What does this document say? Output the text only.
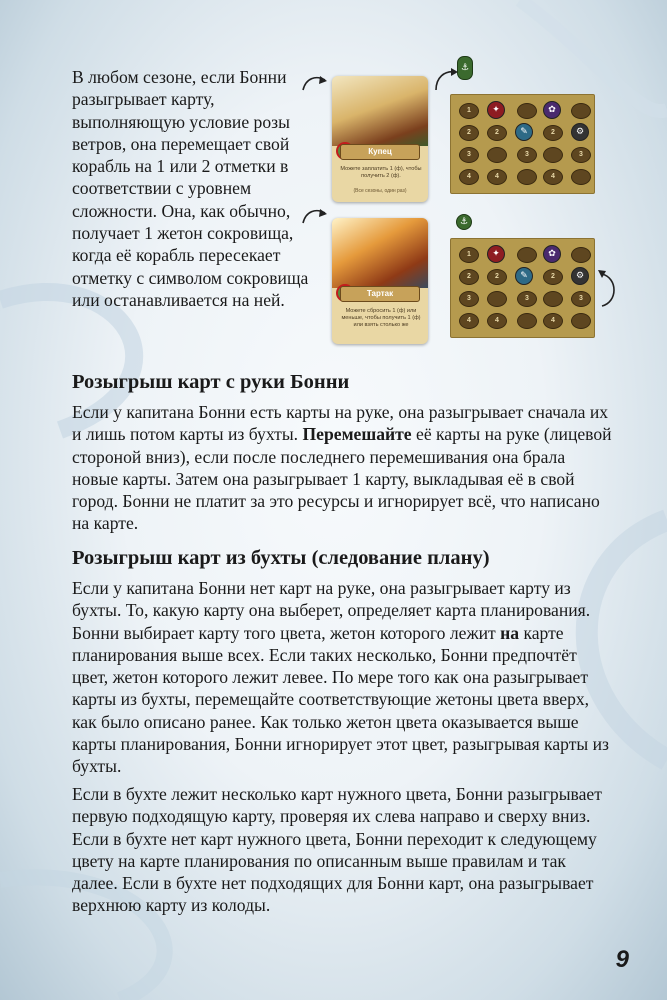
В любом сезоне, если Бонни разыгрывает карту, выполняющую условие розы ветров, она перемещает свой корабль на 1 или 2 отметки в соответствии с уровнем сложности. Она, как обычно, получает 1 жетон сокровища, когда её корабль пересекает отметку с символом сокровища или останавливается на ней.

Купец
Можете заплатить 1 (ф), чтобы получить 2 (ф).
(Все сезоны, один раз)
Тартак
Можете сбросить 1 (ф) или меньше, чтобы получить 1 (ф) или взять столько же
⚓
1	✦	✿
2	2	✎	2	⚙
3	3	3
4	4	4
⚓
1	✦	✿
2	2	✎	2	⚙
3	3	3
4	4	4
Розыгрыш карт с руки Бонни

Если у капитана Бонни есть карты на руке, она разыгрывает сначала их и лишь потом карты из бухты. Перемешайте её карты на руке (лицевой стороной вниз), если после последнего перемешивания она брала новые карты. Затем она разыгрывает 1 карту, выкладывая её в свой город. Бонни не платит за это ресурсы и игнорирует всё, что написано на карте.

Розыгрыш карт из бухты (следование плану)

Если у капитана Бонни нет карт на руке, она разыгрывает карту из бухты. То, какую карту она выберет, определяет карта планирования. Бонни выбирает карту того цвета, жетон которого лежит на карте планирования выше всех. Если таких несколько, Бонни предпочтёт цвет, жетон которого лежит левее. По мере того как она разыгрывает карты из бухты, перемещайте соответствующие жетоны цвета вверх, как было описано ранее. Как только жетон цвета оказывается выше карты планирования, Бонни игнорирует этот цвет, разыгрывая карты из бухты.

Если в бухте лежит несколько карт нужного цвета, Бонни разыгрывает первую подходящую карту, проверяя их слева направо и сверху вниз. Если в бухте нет карт нужного цвета, Бонни переходит к следующему цвету на карте планирования по описанным выше правилам и так далее. Если в бухте нет подходящих для Бонни карт, она разыгрывает верхнюю карту из колоды.

9
